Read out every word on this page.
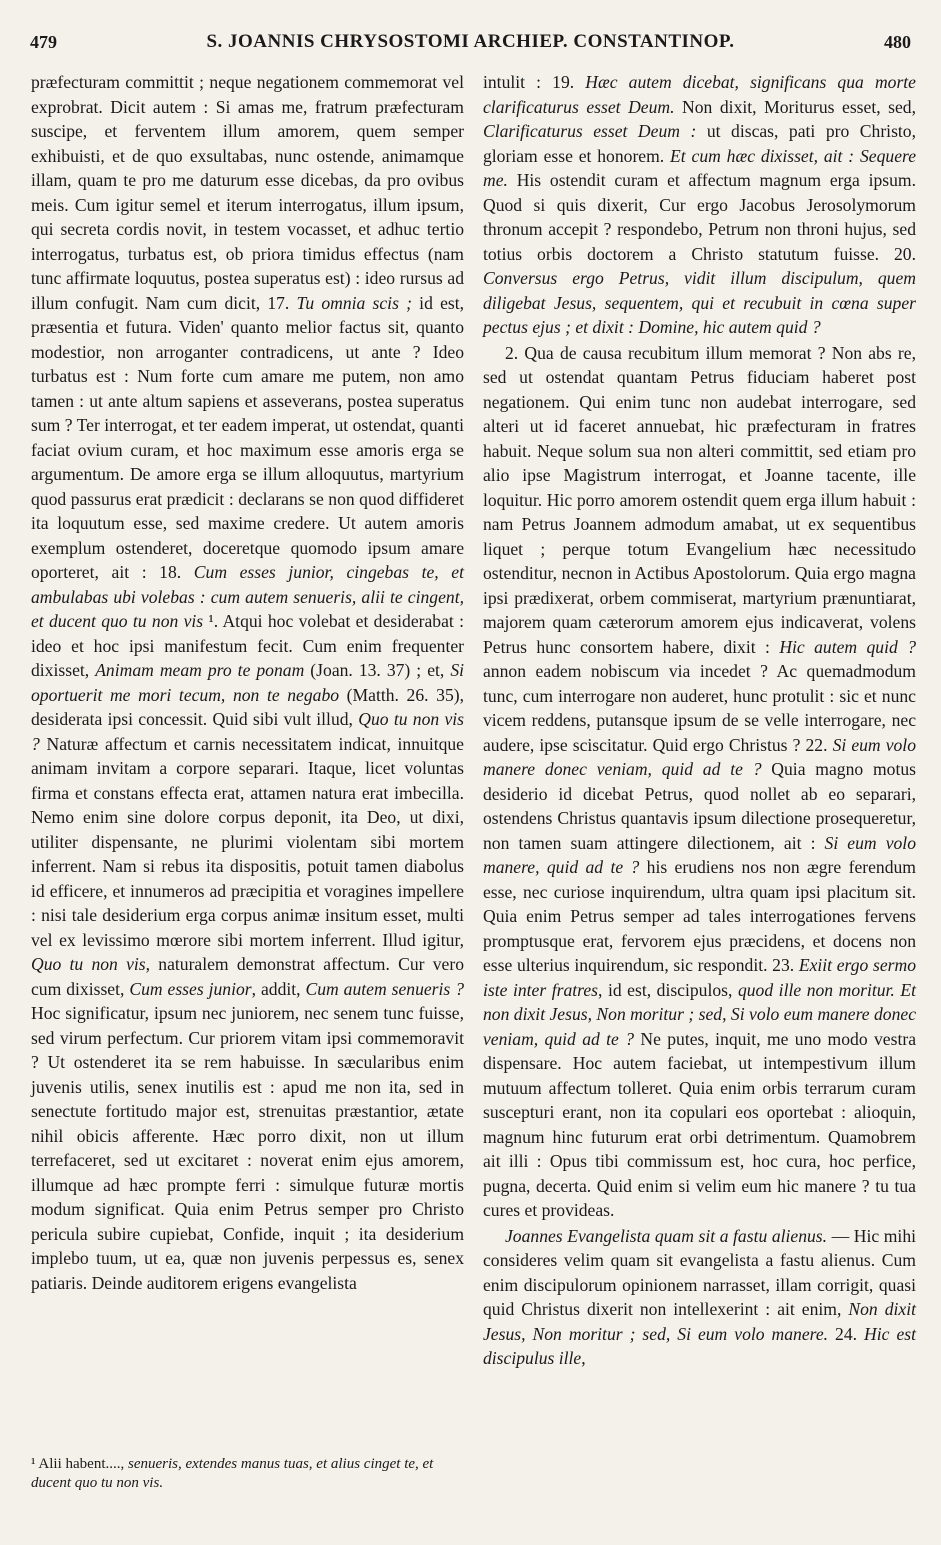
479	S. JOANNIS CHRYSOSTOMI ARCHIEP. CONSTANTINOP.	480

præfecturam committit ; neque negationem commemorat vel exprobrat. Dicit autem : Si amas me, fratrum præfecturam suscipe, et ferventem illum amorem, quem semper exhibuisti, et de quo exsultabas, nunc ostende, animamque illam, quam te pro me daturum esse dicebas, da pro ovibus meis. Cum igitur semel et iterum interrogatus, illum ipsum, qui secreta cordis novit, in testem vocasset, et adhuc tertio interrogatus, turbatus est, ob priora timidus effectus (nam tunc affirmate loquutus, postea superatus est) : ideo rursus ad illum confugit. Nam cum dicit, 17. Tu omnia scis ; id est, præsentia et futura. Viden' quanto melior factus sit, quanto modestior, non arroganter contradicens, ut ante ? Ideo turbatus est : Num forte cum amare me putem, non amo tamen : ut ante altum sapiens et asseverans, postea superatus sum ? Ter interrogat, et ter eadem imperat, ut ostendat, quanti faciat ovium curam, et hoc maximum esse amoris erga se argumentum. De amore erga se illum alloquutus, martyrium quod passurus erat prædicit : declarans se non quod diffideret ita loquutum esse, sed maxime credere. Ut autem amoris exemplum ostenderet, doceretque quomodo ipsum amare oporteret, ait : 18. Cum esses junior, cingebas te, et ambulabas ubi volebas : cum autem senueris, alii te cingent, et ducent quo tu non vis ¹. Atqui hoc volebat et desiderabat : ideo et hoc ipsi manifestum fecit. Cum enim frequenter dixisset, Animam meam pro te ponam (Joan. 13. 37) ; et, Si oportuerit me mori tecum, non te negabo (Matth. 26. 35), desiderata ipsi concessit. Quid sibi vult illud, Quo tu non vis ? Naturæ affectum et carnis necessitatem indicat, innuitque animam invitam a corpore separari. Itaque, licet voluntas firma et constans effecta erat, attamen natura erat imbecilla. Nemo enim sine dolore corpus deponit, ita Deo, ut dixi, utiliter dispensante, ne plurimi violentam sibi mortem inferrent. Nam si rebus ita dispositis, potuit tamen diabolus id efficere, et innumeros ad præcipitia et voragines impellere : nisi tale desiderium erga corpus animæ insitum esset, multi vel ex levissimo mœrore sibi mortem inferrent. Illud igitur, Quo tu non vis, naturalem demonstrat affectum. Cur vero cum dixisset, Cum esses junior, addit, Cum autem senueris ? Hoc significatur, ipsum nec juniorem, nec senem tunc fuisse, sed virum perfectum. Cur priorem vitam ipsi commemoravit ? Ut ostenderet ita se rem habuisse. In sæcularibus enim juvenis utilis, senex inutilis est : apud me non ita, sed in senectute fortitudo major est, strenuitas præstantior, ætate nihil obicis afferente. Hæc porro dixit, non ut illum terrefaceret, sed ut excitaret : noverat enim ejus amorem, illumque ad hæc prompte ferri : simulque futuræ mortis modum significat. Quia enim Petrus semper pro Christo pericula subire cupiebat, Confide, inquit ; ita desiderium implebo tuum, ut ea, quæ non juvenis perpessus es, senex patiaris. Deinde auditorem erigens evangelista

intulit : 19. Hæc autem dicebat, significans qua morte clarificaturus esset Deum. Non dixit, Moriturus esset, sed, Clarificaturus esset Deum : ut discas, pati pro Christo, gloriam esse et honorem. Et cum hæc dixisset, ait : Sequere me. His ostendit curam et affectum magnum erga ipsum. Quod si quis dixerit, Cur ergo Jacobus Jerosolymorum thronum accepit ? respondebo, Petrum non throni hujus, sed totius orbis doctorem a Christo statutum fuisse. 20. Conversus ergo Petrus, vidit illum discipulum, quem diligebat Jesus, sequentem, qui et recubuit in cœna super pectus ejus ; et dixit : Domine, hic autem quid ?

2. Qua de causa recubitum illum memorat ? Non abs re, sed ut ostendat quantam Petrus fiduciam haberet post negationem. Qui enim tunc non audebat interrogare, sed alteri ut id faceret annuebat, hic præfecturam in fratres habuit. Neque solum sua non alteri committit, sed etiam pro alio ipse Magistrum interrogat, et Joanne tacente, ille loquitur. Hic porro amorem ostendit quem erga illum habuit : nam Petrus Joannem admodum amabat, ut ex sequentibus liquet ; perque totum Evangelium hæc necessitudo ostenditur, necnon in Actibus Apostolorum. Quia ergo magna ipsi prædixerat, orbem commiserat, martyrium prænuntiarat, majorem quam cæterorum amorem ejus indicaverat, volens Petrus hunc consortem habere, dixit : Hic autem quid ? annon eadem nobiscum via incedet ? Ac quemadmodum tunc, cum interrogare non auderet, hunc protulit : sic et nunc vicem reddens, putansque ipsum de se velle interrogare, nec audere, ipse sciscitatur. Quid ergo Christus ? 22. Si eum volo manere donec veniam, quid ad te ? Quia magno motus desiderio id dicebat Petrus, quod nollet ab eo separari, ostendens Christus quantavis ipsum dilectione prosequeretur, non tamen suam attingere dilectionem, ait : Si eum volo manere, quid ad te ? his erudiens nos non ægre ferendum esse, nec curiose inquirendum, ultra quam ipsi placitum sit. Quia enim Petrus semper ad tales interrogationes fervens promptusque erat, fervorem ejus præcidens, et docens non esse ulterius inquirendum, sic respondit. 23. Exiit ergo sermo iste inter fratres, id est, discipulos, quod ille non moritur. Et non dixit Jesus, Non moritur ; sed, Si volo eum manere donec veniam, quid ad te ? Ne putes, inquit, me uno modo vestra dispensare. Hoc autem faciebat, ut intempestivum illum mutuum affectum tolleret. Quia enim orbis terrarum curam suscepturi erant, non ita copulari eos oportebat : alioquin, magnum hinc futurum erat orbi detrimentum. Quamobrem ait illi : Opus tibi commissum est, hoc cura, hoc perfice, pugna, decerta. Quid enim si velim eum hic manere ? tu tua cures et provideas.

Joannes Evangelista quam sit a fastu alienus. — Hic mihi consideres velim quam sit evangelista a fastu alienus. Cum enim discipulorum opinionem narrasset, illam corrigit, quasi quid Christus dixerit non intellexerint : ait enim, Non dixit Jesus, Non moritur ; sed, Si eum volo manere. 24. Hic est discipulus ille,

¹ Alii habent...., senueris, extendes manus tuas, et alius cinget te, et ducent quo tu non vis.
